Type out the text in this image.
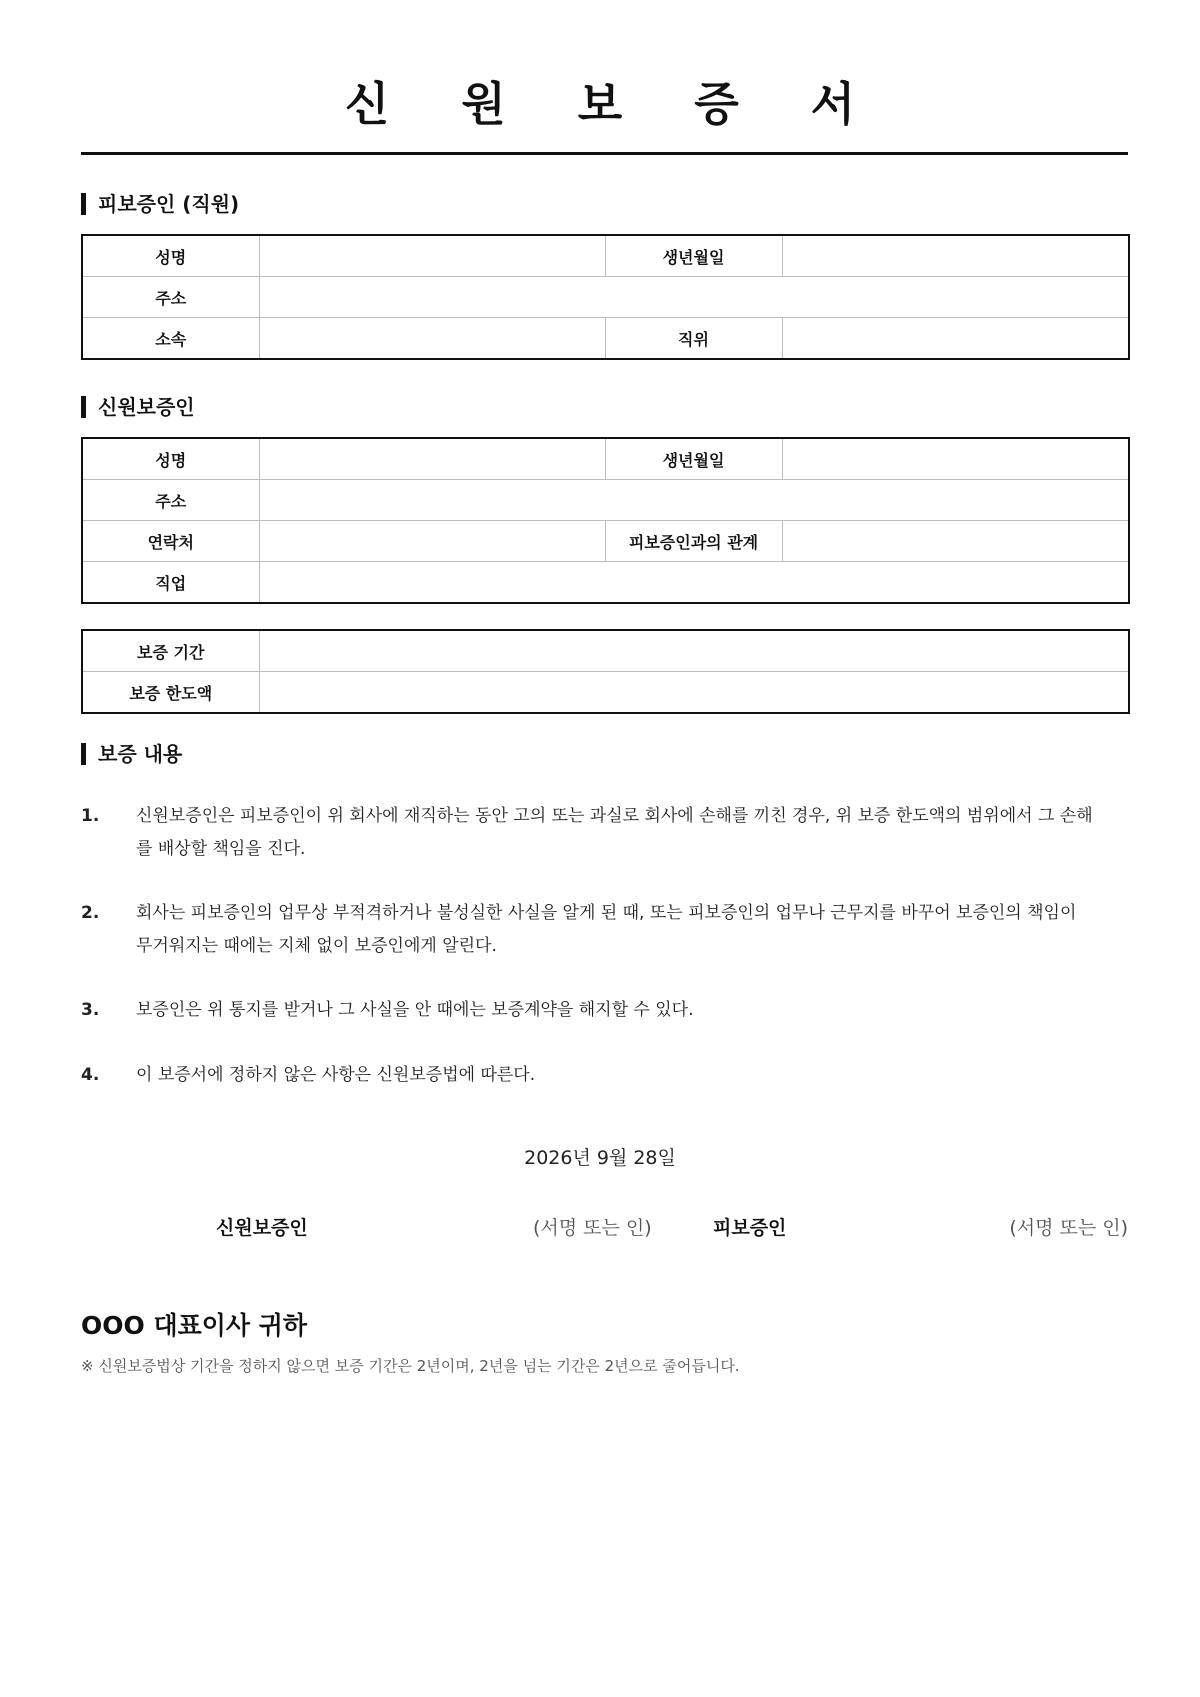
신 원 보 증 서
피보증인 (직원)
성명		생년월일	
주소			
소속		직위	
신원보증인
성명		생년월일	
주소			
연락처		피보증인과의 관계	
직업			
보증 기간	
보증 한도액	
보증 내용
1. 신원보증인은 피보증인이 위 회사에 재직하는 동안 고의 또는 과실로 회사에 손해를 끼친 경우, 위 보증 한도액의 범위에서 그 손해를 배상할 책임을 진다.
2. 회사는 피보증인의 업무상 부적격하거나 불성실한 사실을 알게 된 때, 또는 피보증인의 업무나 근무지를 바꾸어 보증인의 책임이 무거워지는 때에는 지체 없이 보증인에게 알린다.
3. 보증인은 위 통지를 받거나 그 사실을 안 때에는 보증계약을 해지할 수 있다.
4. 이 보증서에 정하지 않은 사항은 신원보증법에 따른다.
2026년 9월 28일
신원보증인	(서명 또는 인)	피보증인	(서명 또는 인)
OOO 대표이사 귀하
※ 신원보증법상 기간을 정하지 않으면 보증 기간은 2년이며, 2년을 넘는 기간은 2년으로 줄어듭니다.
